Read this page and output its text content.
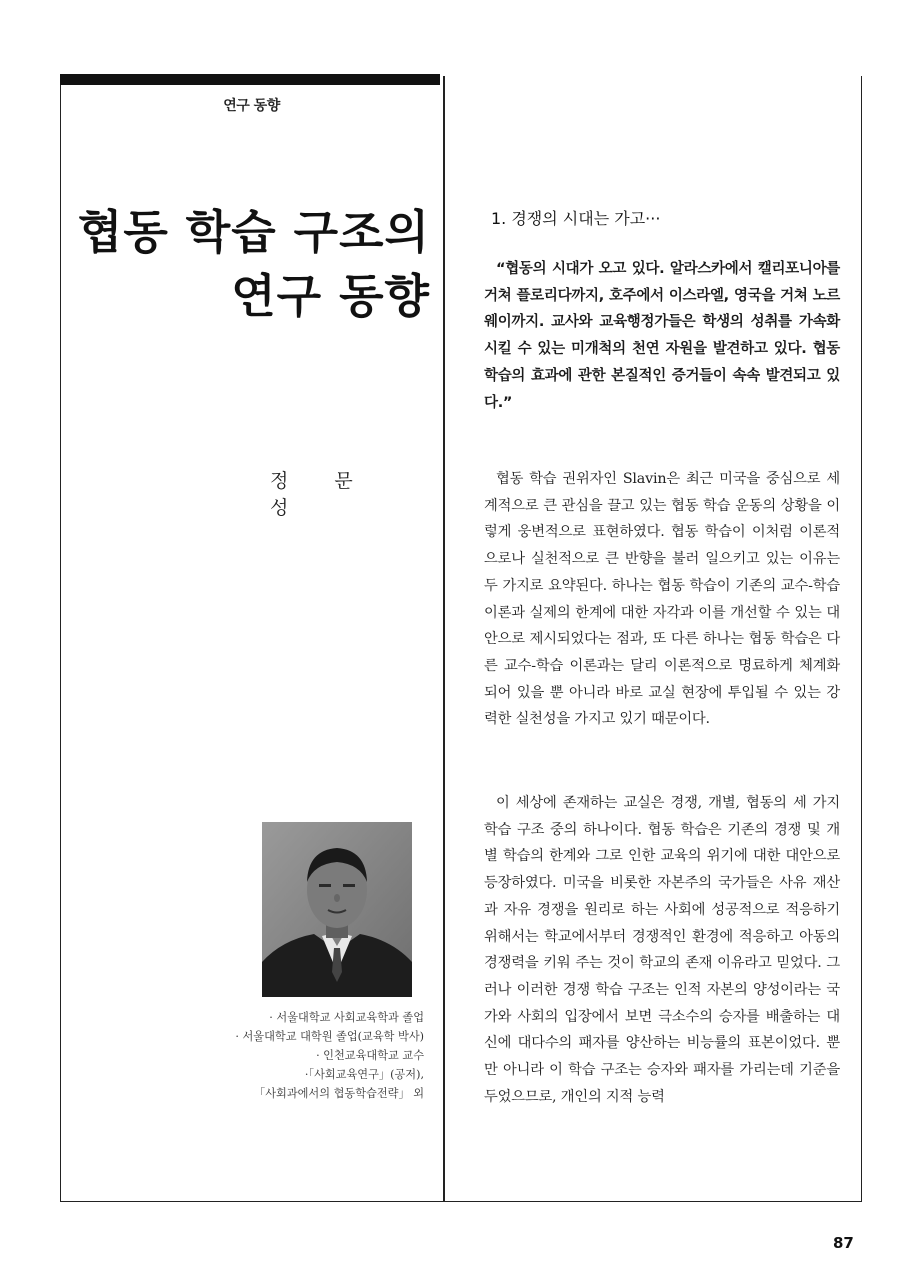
연구 동향
협동 학습 구조의
연구 동향
정 문 성
· 서울대학교 사회교육학과 졸업
· 서울대학교 대학원 졸업(교육학 박사)
· 인천교육대학교 교수
·「사회교육연구」(공저),
「사회과에서의 협동학습전략」 외
1. 경쟁의 시대는 가고···
“협동의 시대가 오고 있다. 알라스카에서 캘리포니아를 거쳐 플로리다까지, 호주에서 이스라엘, 영국을 거쳐 노르웨이까지. 교사와 교육행정가들은 학생의 성취를 가속화시킬 수 있는 미개척의 천연 자원을 발견하고 있다. 협동 학습의 효과에 관한 본질적인 증거들이 속속 발견되고 있다.”
협동 학습 권위자인 Slavin은 최근 미국을 중심으로 세계적으로 큰 관심을 끌고 있는 협동 학습 운동의 상황을 이렇게 웅변적으로 표현하였다. 협동 학습이 이처럼 이론적으로나 실천적으로 큰 반향을 불러 일으키고 있는 이유는 두 가지로 요약된다. 하나는 협동 학습이 기존의 교수-학습 이론과 실제의 한계에 대한 자각과 이를 개선할 수 있는 대안으로 제시되었다는 점과, 또 다른 하나는 협동 학습은 다른 교수-학습 이론과는 달리 이론적으로 명료하게 체계화되어 있을 뿐 아니라 바로 교실 현장에 투입될 수 있는 강력한 실천성을 가지고 있기 때문이다.
이 세상에 존재하는 교실은 경쟁, 개별, 협동의 세 가지 학습 구조 중의 하나이다. 협동 학습은 기존의 경쟁 및 개별 학습의 한계와 그로 인한 교육의 위기에 대한 대안으로 등장하였다. 미국을 비롯한 자본주의 국가들은 사유 재산과 자유 경쟁을 원리로 하는 사회에 성공적으로 적응하기 위해서는 학교에서부터 경쟁적인 환경에 적응하고 아동의 경쟁력을 키워 주는 것이 학교의 존재 이유라고 믿었다. 그러나 이러한 경쟁 학습 구조는 인적 자본의 양성이라는 국가와 사회의 입장에서 보면 극소수의 승자를 배출하는 대신에 대다수의 패자를 양산하는 비능률의 표본이었다. 뿐만 아니라 이 학습 구조는 승자와 패자를 가리는데 기준을 두었으므로, 개인의 지적 능력
87
